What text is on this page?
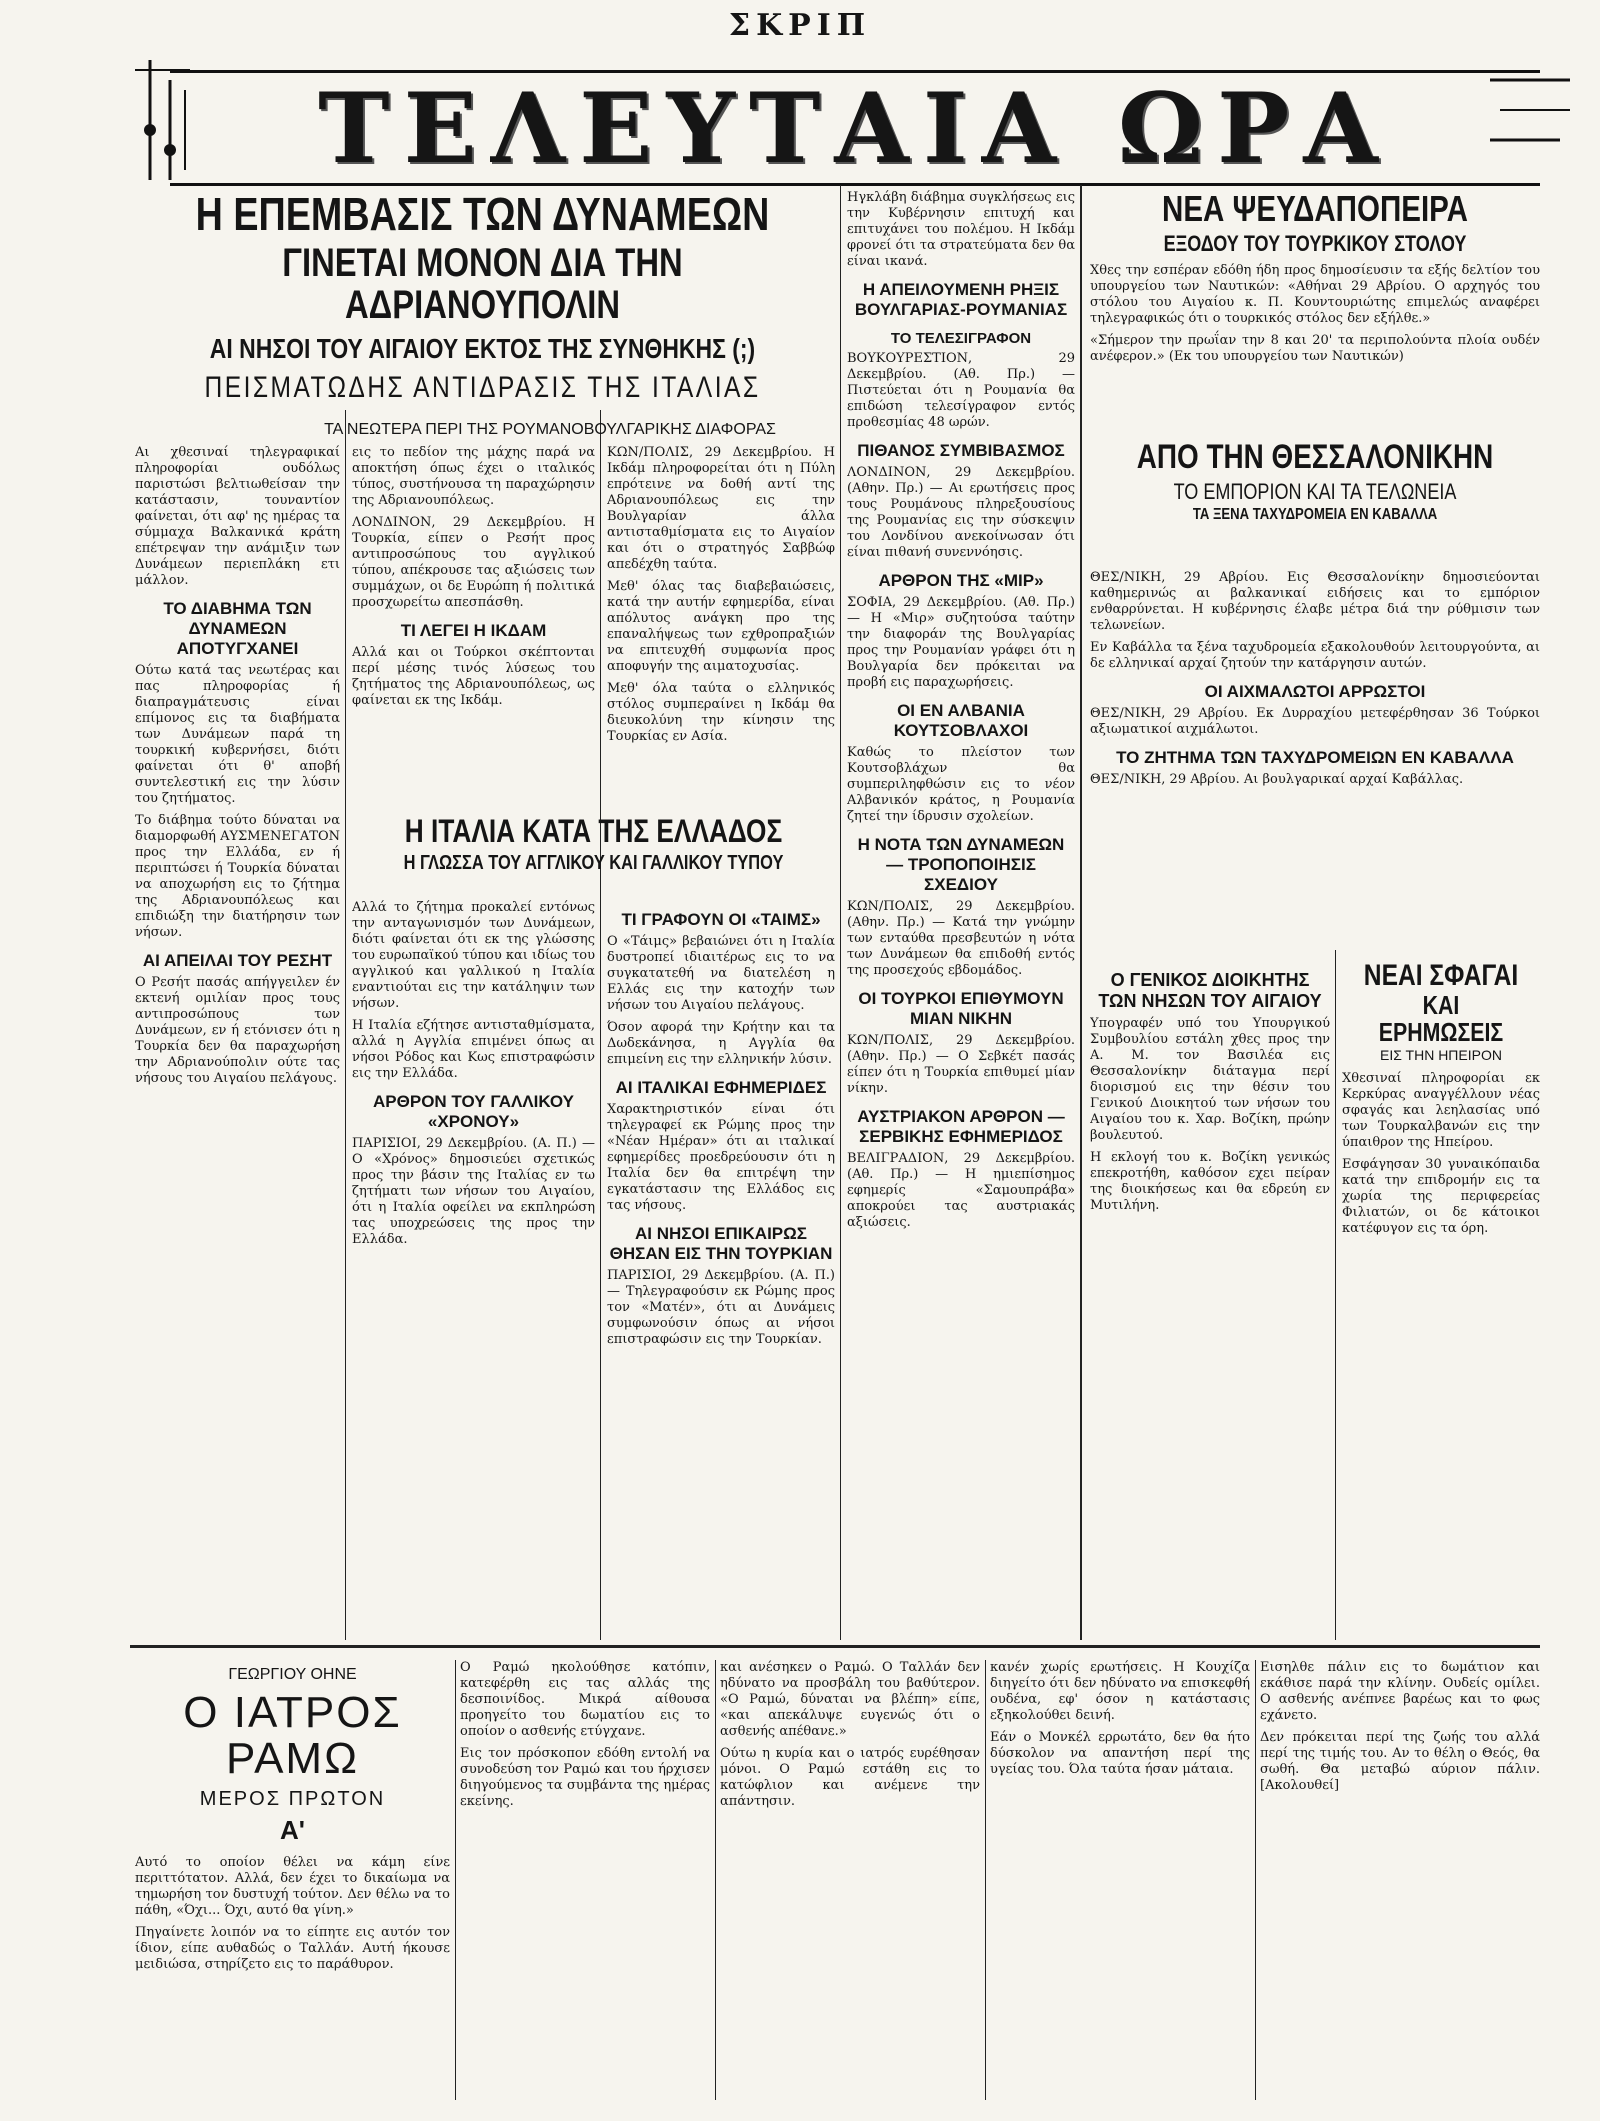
ΣΚΡΙΠ
ΤΕΛΕΥΤΑΙΑ ΩΡΑ
Η ΕΠΕΜΒΑΣΙΣ ΤΩΝ ΔΥΝΑΜΕΩΝ
ΓΙΝΕΤΑΙ ΜΟΝΟΝ ΔΙΑ ΤΗΝ ΑΔΡΙΑΝΟΥΠΟΛΙΝ
ΑΙ ΝΗΣΟΙ ΤΟΥ ΑΙΓΑΙΟΥ ΕΚΤΟΣ ΤΗΣ ΣΥΝΘΗΚΗΣ (;)
ΠΕΙΣΜΑΤΩΔΗΣ ΑΝΤΙΔΡΑΣΙΣ ΤΗΣ ΙΤΑΛΙΑΣ
ΤΑ ΝΕΩΤΕΡΑ ΠΕΡΙ ΤΗΣ ΡΟΥΜΑΝΟΒΟΥΛΓΑΡΙΚΗΣ ΔΙΑΦΟΡΑΣ

Αι χθεσιναί τηλεγραφικαί πληροφορίαι ουδόλως παριστώσι βελτιωθείσαν την κατάστασιν, τουναντίον φαίνεται, ότι αφ' ης ημέρας τα σύμμαχα Βαλκανικά κράτη επέτρεψαν την ανάμιξιν των Δυνάμεων περιεπλάκη ετι μάλλον.

ΤΟ ΔΙΑΒΗΜΑ ΤΩΝ ΔΥΝΑΜΕΩΝ ΑΠΟΤΥΓΧΑΝΕΙ

Ούτω κατά τας νεωτέρας και πας πληροφορίας ή διαπραγμάτευσις είναι επίμονος εις τα διαβήματα των Δυνάμεων παρά τη τουρκική κυβερνήσει, διότι φαίνεται ότι θ' αποβή συντελεστική εις την λύσιν του ζητήματος.

Το διάβημα τούτο δύναται να διαμορφωθή ΑΥΣΜΕΝΕΓΑΤΟΝ προς την Ελλάδα, εν ή περιπτώσει ή Τουρκία δύναται να αποχωρήση εις το ζήτημα της Αδριανουπόλεως και επιδιώξη την διατήρησιν των νήσων.

ΑΙ ΑΠΕΙΛΑΙ ΤΟΥ ΡΕΣΗΤ

Ο Ρεσήτ πασάς απήγγειλεν έν εκτενή ομιλίαν προς τους αντιπροσώπους των Δυνάμεων, εν ή ετόνισεν ότι η Τουρκία δεν θα παραχωρήση την Αδριανούπολιν ούτε τας νήσους του Αιγαίου πελάγους.

εις το πεδίον της μάχης παρά να αποκτήση όπως έχει ο ιταλικός τύπος, συστήνουσα τη παραχώρησιν της Αδριανουπόλεως.

ΛΟΝΔΙΝΟΝ, 29 Δεκεμβρίου. Η Τουρκία, είπεν ο Ρεσήτ προς αντιπροσώπους του αγγλικού τύπου, απέκρουσε τας αξιώσεις των συμμάχων, οι δε Ευρώπη ή πολιτικά προσχωρείτω απεσπάσθη.

ΤΙ ΛΕΓΕΙ Η ΙΚΔΑΜ

Αλλά και οι Τούρκοι σκέπτονται περί μέσης τινός λύσεως του ζητήματος της Αδριανουπόλεως, ως φαίνεται εκ της Ικδάμ.

ΚΩΝ/ΠΟΛΙΣ, 29 Δεκεμβρίου. Η Ικδάμ πληροφορείται ότι η Πύλη επρότεινε να δοθή αντί της Αδριανουπόλεως εις την Βουλγαρίαν άλλα αντισταθμίσματα εις το Αιγαίον και ότι ο στρατηγός Σαββώφ απεδέχθη ταύτα.

Μεθ' όλας τας διαβεβαιώσεις, κατά την αυτήν εφημερίδα, είναι απόλυτος ανάγκη προ της επαναλήψεως των εχθροπραξιών να επιτευχθή συμφωνία προς αποφυγήν της αιματοχυσίας.

Μεθ' όλα ταύτα ο ελληνικός στόλος συμπεραίνει η Ικδάμ θα διευκολύνη την κίνησιν της Τουρκίας εν Ασία.

Η ΙΤΑΛΙΑ ΚΑΤΑ ΤΗΣ ΕΛΛΑΔΟΣ
Η ΓΛΩΣΣΑ ΤΟΥ ΑΓΓΛΙΚΟΥ ΚΑΙ ΓΑΛΛΙΚΟΥ ΤΥΠΟΥ

Αλλά το ζήτημα προκαλεί εντόνως την ανταγωνισμόν των Δυνάμεων, διότι φαίνεται ότι εκ της γλώσσης του ευρωπαϊκού τύπου και ιδίως του αγγλικού και γαλλικού η Ιταλία εναντιούται εις την κατάληψιν των νήσων.

Η Ιταλία εζήτησε αντισταθμίσματα, αλλά η Αγγλία επιμένει όπως αι νήσοι Ρόδος και Κως επιστραφώσιν εις την Ελλάδα.

ΑΡΘΡΟΝ ΤΟΥ ΓΑΛΛΙΚΟΥ «ΧΡΟΝΟΥ»

ΠΑΡΙΣΙΟΙ, 29 Δεκεμβρίου. (Α. Π.) — Ο «Χρόνος» δημοσιεύει σχετικώς προς την βάσιν της Ιταλίας εν τω ζητήματι των νήσων του Αιγαίου, ότι η Ιταλία οφείλει να εκπληρώση τας υποχρεώσεις της προς την Ελλάδα.

ΤΙ ΓΡΑΦΟΥΝ ΟΙ «ΤΑΙΜΣ»

Ο «Τάιμς» βεβαιώνει ότι η Ιταλία δυστροπεί ιδιαιτέρως εις το να συγκατατεθή να διατελέση η Ελλάς εις την κατοχήν των νήσων του Αιγαίου πελάγους.

Όσον αφορά την Κρήτην και τα Δωδεκάνησα, η Αγγλία θα επιμείνη εις την ελληνικήν λύσιν.

ΑΙ ΙΤΑΛΙΚΑΙ ΕΦΗΜΕΡΙΔΕΣ

Χαρακτηριστικόν είναι ότι τηλεγραφεί εκ Ρώμης προς την «Νέαν Ημέραν» ότι αι ιταλικαί εφημερίδες προεδρεύουσιν ότι η Ιταλία δεν θα επιτρέψη την εγκατάστασιν της Ελλάδος εις τας νήσους.

ΑΙ ΝΗΣΟΙ ΕΠΙΚΑΙΡΩΣ ΘΗΣΑΝ ΕΙΣ ΤΗΝ ΤΟΥΡΚΙΑΝ

ΠΑΡΙΣΙΟΙ, 29 Δεκεμβρίου. (Α. Π.) — Τηλεγραφούσιν εκ Ρώμης προς τον «Ματέν», ότι αι Δυνάμεις συμφωνούσιν όπως αι νήσοι επιστραφώσιν εις την Τουρκίαν.

Ηγκλάβη διάβημα συγκλήσεως εις την Κυβέρνησιν επιτυχή και επιτυχάνει του πολέμου. Η Ικδάμ φρονεί ότι τα στρατεύματα δεν θα είναι ικανά.

Η ΑΠΕΙΛΟΥΜΕΝΗ ΡΗΞΙΣ ΒΟΥΛΓΑΡΙΑΣ-ΡΟΥΜΑΝΙΑΣ
ΤΟ ΤΕΛΕΣΙΓΡΑΦΟΝ

ΒΟΥΚΟΥΡΕΣΤΙΟΝ, 29 Δεκεμβρίου. (Αθ. Πρ.) — Πιστεύεται ότι η Ρουμανία θα επιδώση τελεσίγραφον εντός προθεσμίας 48 ωρών.

ΠΙΘΑΝΟΣ ΣΥΜΒΙΒΑΣΜΟΣ

ΛΟΝΔΙΝΟΝ, 29 Δεκεμβρίου. (Αθην. Πρ.) — Αι ερωτήσεις προς τους Ρουμάνους πληρεξουσίους της Ρουμανίας εις την σύσκεψιν του Λονδίνου ανεκοίνωσαν ότι είναι πιθανή συνεννόησις.

ΑΡΘΡΟΝ ΤΗΣ «ΜΙΡ»

ΣΟΦΙΑ, 29 Δεκεμβρίου. (Αθ. Πρ.) — Η «Μιρ» συζητούσα ταύτην την διαφοράν της Βουλγαρίας προς την Ρουμανίαν γράφει ότι η Βουλγαρία δεν πρόκειται να προβή εις παραχωρήσεις.

ΟΙ ΕΝ ΑΛΒΑΝΙΑ ΚΟΥΤΣΟΒΛΑΧΟΙ

Καθώς το πλείστον των Κουτσοβλάχων θα συμπεριληφθώσιν εις το νέον Αλβανικόν κράτος, η Ρουμανία ζητεί την ίδρυσιν σχολείων.

Η ΝΟΤΑ ΤΩΝ ΔΥΝΑΜΕΩΝ — ΤΡΟΠΟΠΟΙΗΣΙΣ ΣΧΕΔΙΟΥ

ΚΩΝ/ΠΟΛΙΣ, 29 Δεκεμβρίου. (Αθην. Πρ.) — Κατά την γνώμην των ενταύθα πρεσβευτών η νότα των Δυνάμεων θα επιδοθή εντός της προσεχούς εβδομάδος.

ΟΙ ΤΟΥΡΚΟΙ ΕΠΙΘΥΜΟΥΝ ΜΙΑΝ ΝΙΚΗΝ

ΚΩΝ/ΠΟΛΙΣ, 29 Δεκεμβρίου. (Αθην. Πρ.) — Ο Σεβκέτ πασάς είπεν ότι η Τουρκία επιθυμεί μίαν νίκην.

ΑΥΣΤΡΙΑΚΟΝ ΑΡΘΡΟΝ — ΣΕΡΒΙΚΗΣ ΕΦΗΜΕΡΙΔΟΣ

ΒΕΛΙΓΡΑΔΙΟΝ, 29 Δεκεμβρίου. (Αθ. Πρ.) — Η ημιεπίσημος εφημερίς «Σαμουπράβα» αποκρούει τας αυστριακάς αξιώσεις.

ΝΕΑ ΨΕΥΔΑΠΟΠΕΙΡΑ
ΕΞΟΔΟΥ ΤΟΥ ΤΟΥΡΚΙΚΟΥ ΣΤΟΛΟΥ

Χθες την εσπέραν εδόθη ήδη προς δημοσίευσιν τα εξής δελτίον του υπουργείου των Ναυτικών: «Αθήναι 29 Αβρίου. Ο αρχηγός του στόλου του Αιγαίου κ. Π. Κουντουριώτης επιμελώς αναφέρει τηλεγραφικώς ότι ο τουρκικός στόλος δεν εξήλθε.»

«Σήμερον την πρωΐαν την 8 και 20' τα περιπολούντα πλοία ουδέν ανέφερον.» (Εκ του υπουργείου των Ναυτικών)

ΑΠΟ ΤΗΝ ΘΕΣΣΑΛΟΝΙΚΗΝ
ΤΟ ΕΜΠΟΡΙΟΝ ΚΑΙ ΤΑ ΤΕΛΩΝΕΙΑ
ΤΑ ΞΕΝΑ ΤΑΧΥΔΡΟΜΕΙΑ ΕΝ ΚΑΒΑΛΛΑ

ΘΕΣ/ΝΙΚΗ, 29 Αβρίου. Εις Θεσσαλονίκην δημοσιεύονται καθημερινώς αι βαλκανικαί ειδήσεις και το εμπόριον ενθαρρύνεται. Η κυβέρνησις έλαβε μέτρα διά την ρύθμισιν των τελωνείων.

Εν Καβάλλα τα ξένα ταχυδρομεία εξακολουθούν λειτουργούντα, αι δε ελληνικαί αρχαί ζητούν την κατάργησιν αυτών.

ΟΙ ΑΙΧΜΑΛΩΤΟΙ ΑΡΡΩΣΤΟΙ

ΘΕΣ/ΝΙΚΗ, 29 Αβρίου. Εκ Δυρραχίου μετεφέρθησαν 36 Τούρκοι αξιωματικοί αιχμάλωτοι.

ΤΟ ΖΗΤΗΜΑ ΤΩΝ ΤΑΧΥΔΡΟΜΕΙΩΝ ΕΝ ΚΑΒΑΛΛΑ

ΘΕΣ/ΝΙΚΗ, 29 Αβρίου. Αι βουλγαρικαί αρχαί Καβάλλας.

Ο ΓΕΝΙΚΟΣ ΔΙΟΙΚΗΤΗΣ ΤΩΝ ΝΗΣΩΝ ΤΟΥ ΑΙΓΑΙΟΥ

Υπογραφέν υπό του Υπουργικού Συμβουλίου εστάλη χθες προς την Α. Μ. τον Βασιλέα εις Θεσσαλονίκην διάταγμα περί διορισμού εις την θέσιν του Γενικού Διοικητού των νήσων του Αιγαίου του κ. Χαρ. Βοζίκη, πρώην βουλευτού.

Η εκλογή του κ. Βοζίκη γενικώς επεκροτήθη, καθόσον εχει πείραν της διοικήσεως και θα εδρεύη εν Μυτιλήνη.

ΝΕΑΙ ΣΦΑΓΑΙ
ΚΑΙ ΕΡΗΜΩΣΕΙΣ
ΕΙΣ ΤΗΝ ΗΠΕΙΡΟΝ

Χθεσιναί πληροφορίαι εκ Κερκύρας αναγγέλλουν νέας σφαγάς και λεηλασίας υπό των Τουρκαλβανών εις την ύπαιθρον της Ηπείρου.

Εσφάγησαν 30 γυναικόπαιδα κατά την επιδρομήν εις τα χωρία της περιφερείας Φιλιατών, οι δε κάτοικοι κατέφυγον εις τα όρη.

ΓΕΩΡΓΙΟΥ ΟΗΝΕ
Ο ΙΑΤΡΟΣ ΡΑΜΩ
ΜΕΡΟΣ ΠΡΩΤΟΝ
Α'

Αυτό το οποίον θέλει να κάμη είνε περιττότατον. Αλλά, δεν έχει το δικαίωμα να τημωρήση τον δυστυχή τούτον. Δεν θέλω να το πάθη, «Όχι... Όχι, αυτό θα γίνη.»

Πηγαίνετε λοιπόν να το είπητε εις αυτόν τον ίδιον, είπε αυθαδώς ο Ταλλάν. Αυτή ήκουσε μειδιώσα, στηρίζετο εις το παράθυρον.

Ο Ραμώ ηκολούθησε κατόπιν, κατεφέρθη εις τας αλλάς της δεσποινίδος. Μικρά αίθουσα προηγείτο του δωματίου εις το οποίον ο ασθενής ετύγχανε.

Εις τον πρόσκοπον εδόθη εντολή να συνοδεύση τον Ραμώ και του ήρχισεν διηγούμενος τα συμβάντα της ημέρας εκείνης.

και ανέσηκεν ο Ραμώ. Ο Ταλλάν δεν ηδύνατο να προσβάλη του βαθύτερον. «Ο Ραμώ, δύναται να βλέπη» είπε, «και απεκάλυψε ευγενώς ότι ο ασθενής απέθανε.»

Ούτω η κυρία και ο ιατρός ευρέθησαν μόνοι. Ο Ραμώ εστάθη εις το κατώφλιον και ανέμενε την απάντησιν.

κανέν χωρίς ερωτήσεις. Η Κουχίζα διηγείτο ότι δεν ηδύνατο να επισκεφθή ουδένα, εφ' όσον η κατάστασις εξηκολούθει δεινή.

Εάν ο Μονκέλ ερρωτάτο, δεν θα ήτο δύσκολον να απαντήση περί της υγείας του. Όλα ταύτα ήσαν μάταια.

Εισηλθε πάλιν εις το δωμάτιον και εκάθισε παρά την κλίνην. Ουδείς ομίλει. Ο ασθενής ανέπνεε βαρέως και το φως εχάνετο.

Δεν πρόκειται περί της ζωής του αλλά περί της τιμής του. Αν το θέλη ο Θεός, θα σωθή. Θα μεταβώ αύριον πάλιν. [Ακολουθεί]
